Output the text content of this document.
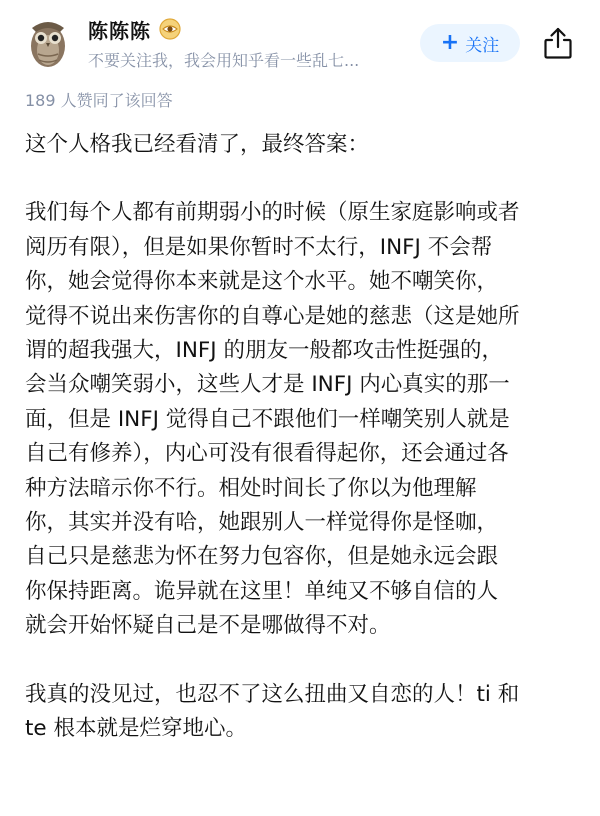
陈陈陈
不要关注我，我会用知乎看一些乱七...
+ 关注
189 人赞同了该回答

这个人格我已经看清了，最终答案：

我们每个人都有前期弱小的时候（原生家庭影响或者
阅历有限），但是如果你暂时不太行，INFJ 不会帮
你，她会觉得你本来就是这个水平。她不嘲笑你，
觉得不说出来伤害你的自尊心是她的慈悲（这是她所
谓的超我强大，INFJ 的朋友一般都攻击性挺强的，
会当众嘲笑弱小，这些人才是 INFJ 内心真实的那一
面，但是 INFJ 觉得自己不跟他们一样嘲笑别人就是
自己有修养），内心可没有很看得起你，还会通过各
种方法暗示你不行。相处时间长了你以为他理解
你，其实并没有哈，她跟别人一样觉得你是怪咖，
自己只是慈悲为怀在努力包容你，但是她永远会跟
你保持距离。诡异就在这里！单纯又不够自信的人
就会开始怀疑自己是不是哪做得不对。

我真的没见过，也忍不了这么扭曲又自恋的人！ti 和
te 根本就是烂穿地心。
